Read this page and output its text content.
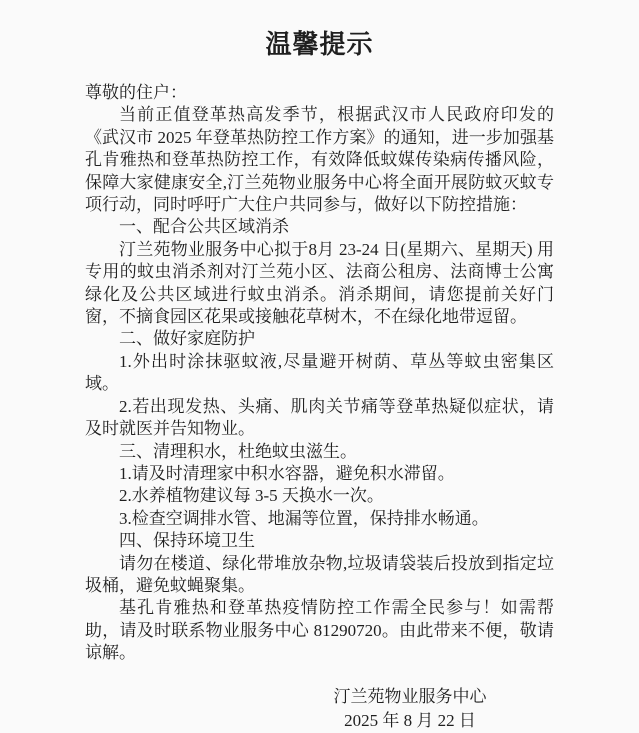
温馨提示

尊敬的住户：

当前正值登革热高发季节，根据武汉市人民政府印发的《武汉市 2025 年登革热防控工作方案》的通知，进一步加强基孔肯雅热和登革热防控工作，有效降低蚊媒传染病传播风险，保障大家健康安全,汀兰苑物业服务中心将全面开展防蚊灭蚊专项行动，同时呼吁广大住户共同参与，做好以下防控措施：

一、配合公共区域消杀

汀兰苑物业服务中心拟于8月 23-24 日(星期六、星期天) 用专用的蚊虫消杀剂对汀兰苑小区、法商公租房、法商博士公寓绿化及公共区域进行蚊虫消杀。消杀期间，请您提前关好门窗，不摘食园区花果或接触花草树木，不在绿化地带逗留。

二、做好家庭防护

1.外出时涂抹驱蚊液,尽量避开树荫、草丛等蚊虫密集区域。

2.若出现发热、头痛、肌肉关节痛等登革热疑似症状，请及时就医并告知物业。

三、清理积水，杜绝蚊虫滋生。

1.请及时清理家中积水容器，避免积水滞留。

2.水养植物建议每 3-5 天换水一次。

3.检查空调排水管、地漏等位置，保持排水畅通。

四、保持环境卫生

请勿在楼道、绿化带堆放杂物,垃圾请袋装后投放到指定垃圾桶，避免蚊蝇聚集。

基孔肯雅热和登革热疫情防控工作需全民参与！如需帮助，请及时联系物业服务中心 81290720。由此带来不便，敬请谅解。

汀兰苑物业服务中心
2025 年 8 月 22 日
